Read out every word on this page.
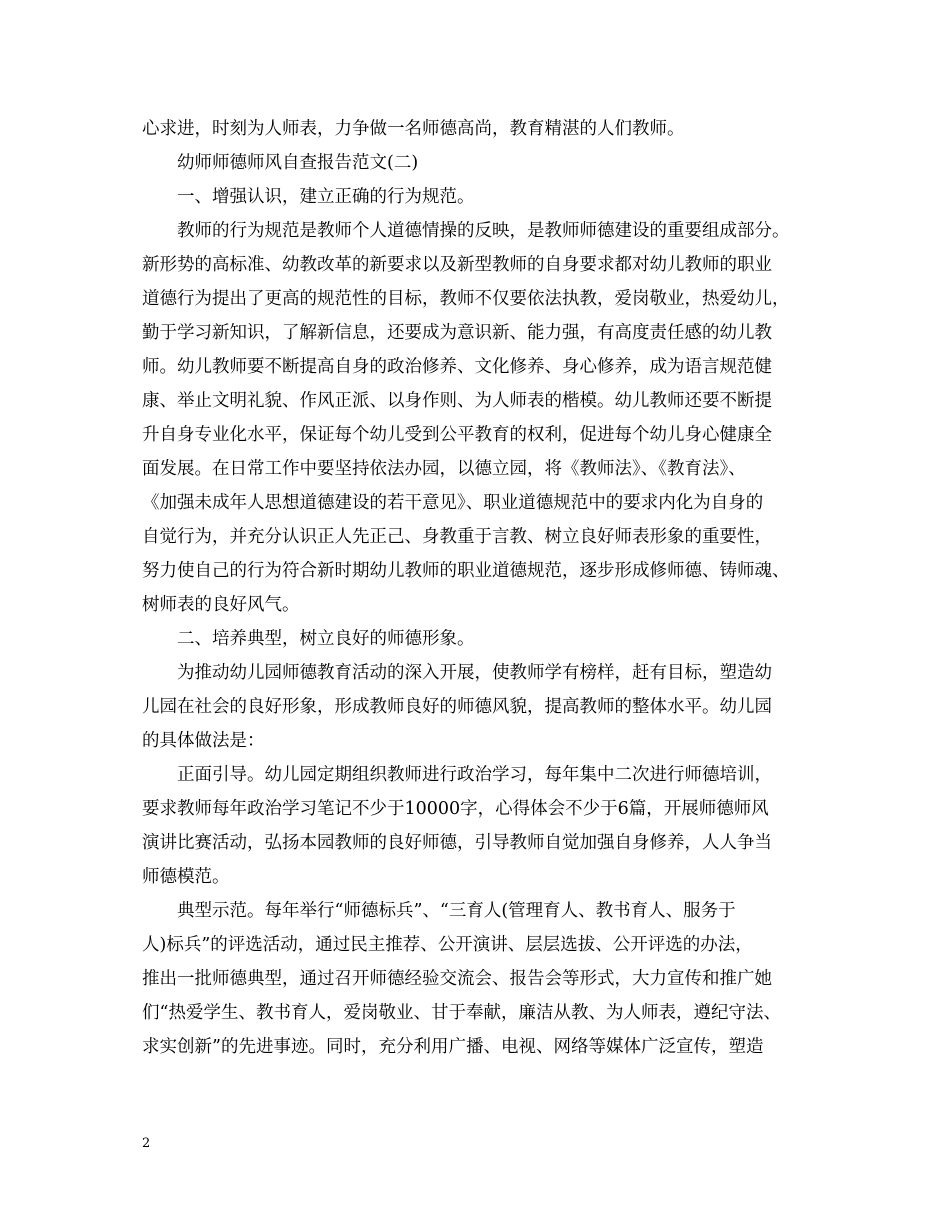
心求进，时刻为人师表，力争做一名师德高尚，教育精湛的人们教师。
幼师师德师风自查报告范文(二)
一、增强认识，建立正确的行为规范。
教师的行为规范是教师个人道德情操的反映，是教师师德建设的重要组成部分。
新形势的高标准、幼教改革的新要求以及新型教师的自身要求都对幼儿教师的职业
道德行为提出了更高的规范性的目标，教师不仅要依法执教，爱岗敬业，热爱幼儿，
勤于学习新知识，了解新信息，还要成为意识新、能力强，有高度责任感的幼儿教
师。幼儿教师要不断提高自身的政治修养、文化修养、身心修养，成为语言规范健
康、举止文明礼貌、作风正派、以身作则、为人师表的楷模。幼儿教师还要不断提
升自身专业化水平，保证每个幼儿受到公平教育的权利，促进每个幼儿身心健康全
面发展。在日常工作中要坚持依法办园，以德立园，将《教师法》、《教育法》、
《加强未成年人思想道德建设的若干意见》、职业道德规范中的要求内化为自身的
自觉行为，并充分认识正人先正己、身教重于言教、树立良好师表形象的重要性，
努力使自己的行为符合新时期幼儿教师的职业道德规范，逐步形成修师德、铸师魂、
树师表的良好风气。
二、培养典型，树立良好的师德形象。
为推动幼儿园师德教育活动的深入开展，使教师学有榜样，赶有目标，塑造幼
儿园在社会的良好形象，形成教师良好的师德风貌，提高教师的整体水平。幼儿园
的具体做法是：
正面引导。幼儿园定期组织教师进行政治学习，每年集中二次进行师德培训，
要求教师每年政治学习笔记不少于10000字，心得体会不少于6篇，开展师德师风
演讲比赛活动，弘扬本园教师的良好师德，引导教师自觉加强自身修养，人人争当
师德模范。
典型示范。每年举行“师德标兵”、“三育人(管理育人、教书育人、服务于
人)标兵”的评选活动，通过民主推荐、公开演讲、层层选拔、公开评选的办法，
推出一批师德典型，通过召开师德经验交流会、报告会等形式，大力宣传和推广她
们“热爱学生、教书育人，爱岗敬业、甘于奉献，廉洁从教、为人师表，遵纪守法、
求实创新”的先进事迹。同时，充分利用广播、电视、网络等媒体广泛宣传，塑造
2
